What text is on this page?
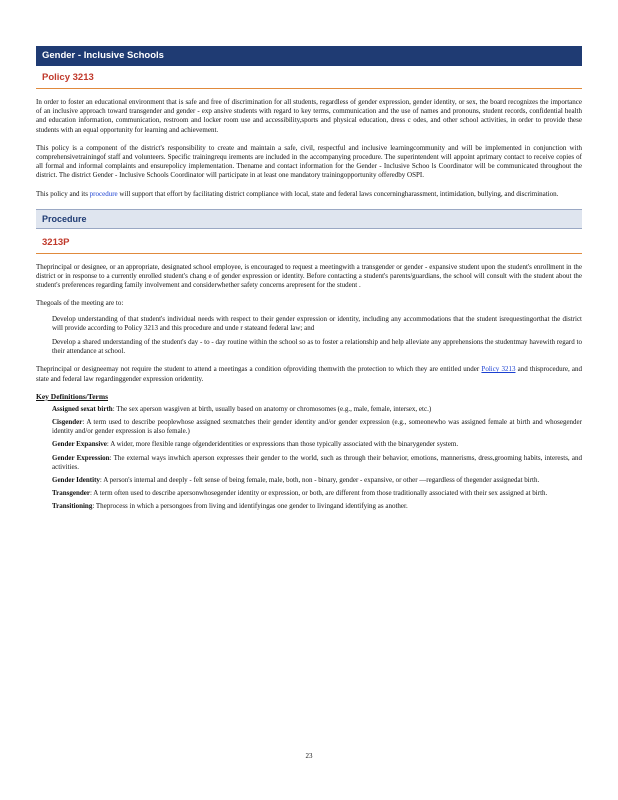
Gender - Inclusive Schools
Policy 3213
In order to foster an educational environment that is safe and free of discrimination for all students, regardless of gender expression, gender identity, or sex, the board recognizes the importance of an inclusive approach toward transgender and gender - exp ansive students with regard to key terms, communication and the use of names and pronouns, student records, confidential health and education information, communication, restroom and locker room use and accessibility,sports and physical education, dress c odes, and other school activities, in order to provide these students with an equal opportunity for learning and achievement.
This policy is a component of the district's responsibility to create and maintain a safe, civil, respectful and inclusive learningcommunity and will be implemented in conjunction with comprehensivetrainingof staff and volunteers. Specific trainingrequ irements are included in the accompanying procedure. The superintendent will appoint aprimary contact to receive copies of all formal and informal complaints and ensurepolicy implementation. Thename and contact information for the Gender - Inclusive Schoo ls Coordinator will be communicated throughout the district. The district Gender - Inclusive Schools Coordinator will participate in at least one mandatory trainingopportunity offeredby OSPI.
This policy and its procedure will support that effort by facilitating district compliance with local, state and federal laws concerningharassment, intimidation, bullying, and discrimination.
Procedure
3213P
Theprincipal or designee, or an appropriate, designated school employee, is encouraged to request a meetingwith a transgender or gender - expansive student upon the student's enrollment in the district or in response to a currently enrolled student's chang e of gender expression or identity. Before contacting a student's parents/guardians, the school will consult with the student about the student's preferences regarding family involvement and considerwhether safety concerns arepresent for the student .
Thegoals of the meeting are to:
Develop understanding of that student's individual needs with respect to their gender expression or identity, including any accommodations that the student isrequestingorthat the district will provide according to Policy 3213 and this procedure and unde r stateand federal law; and
Develop a shared understanding of the student's day - to - day routine within the school so as to foster a relationship and help alleviate any apprehensions the studentmay havewith regard to their attendance at school.
Theprincipal or designeemay not require the student to attend a meetingas a condition ofproviding themwith the protection to which they are entitled under Policy 3213 and thisprocedure, and state and federal law regardinggender expression oridentity.
Key Definitions/Terms
Assigned sexat birth: The sex aperson wasgiven at birth, usually based on anatomy or chromosomes (e.g., male, female, intersex, etc.)
Cisgender: A term used to describe peoplewhose assigned sexmatches their gender identity and/or gender expression (e.g., someonewho was assigned female at birth and whosegender identity and/or gender expression is also female.)
Gender Expansive: A wider, more flexible range ofgenderidentities or expressions than those typically associated with the binarygender system.
Gender Expression: The external ways inwhich aperson expresses their gender to the world, such as through their behavior, emotions, mannerisms, dress,grooming habits, interests, and activities.
Gender Identity: A person's internal and deeply - felt sense of being female, male, both, non - binary, gender - expansive, or other —regardless of thegender assignedat birth.
Transgender: A term often used to describe apersonwhosegender identity or expression, or both, are different from those traditionally associated with their sex assigned at birth.
Transitioning: Theprocess in which a persongoes from living and identifyingas one gender to livingand identifying as another.
23
